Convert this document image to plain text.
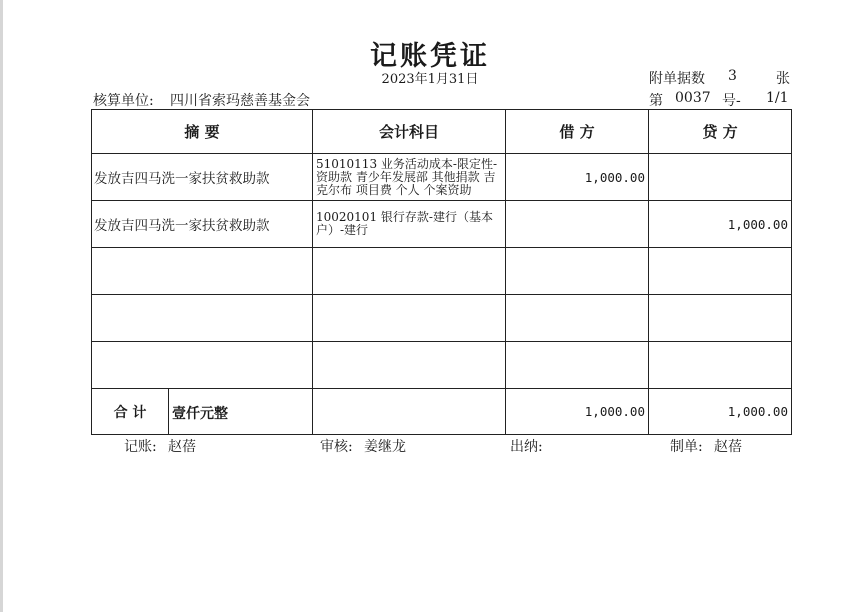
记账凭证
2023年1月31日	附单据数 3	张
核算单位: 四川省索玛慈善基金会	第 0037 号- 1/1
摘 要	会计科目	借 方	贷 方
发放吉四马洗一家扶贫救助款	51010113 业务活动成本-限定性-资助款 青少年发展部 其他捐款 吉克尔布 项目费 个人 个案资助	1,000.00	
发放吉四马洗一家扶贫救助款	10020101 银行存款-建行（基本户）-建行		1,000.00

合 计 壹仟元整		1,000.00	1,000.00
记账: 赵蓓	审核: 姜继龙	出纳:	制单: 赵蓓
